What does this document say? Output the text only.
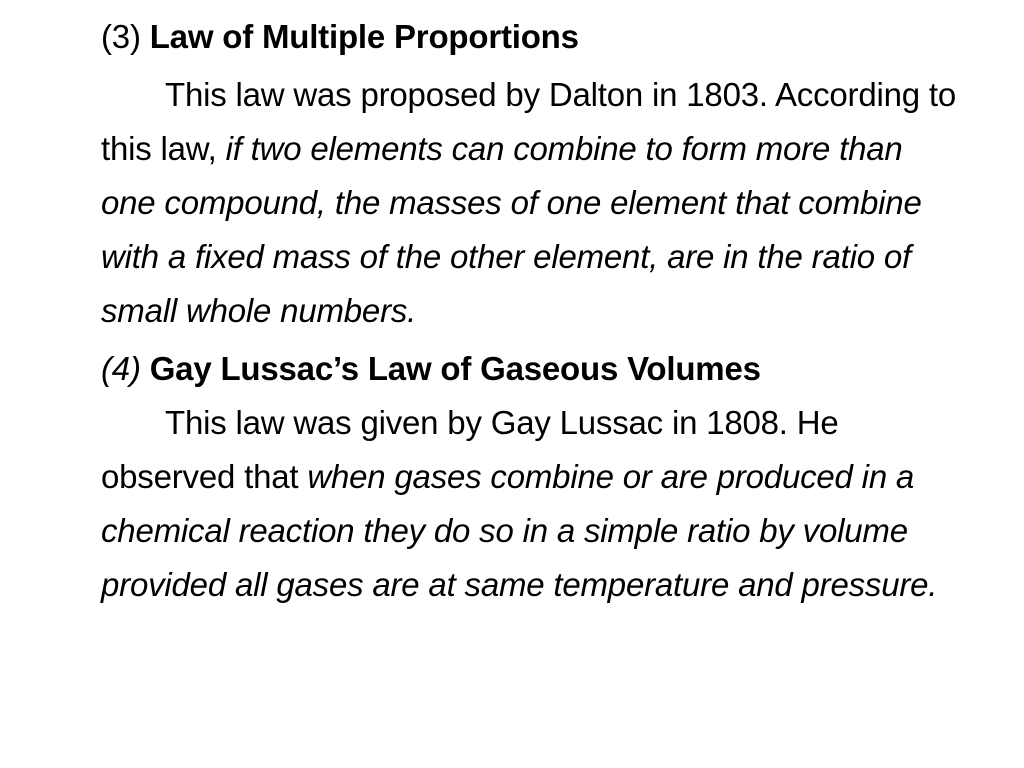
(3) Law of Multiple Proportions

This law was proposed by Dalton in 1803. According to this law, if two elements can combine to form more than one compound, the masses of one element that combine with a fixed mass of the other element, are in the ratio of small whole numbers.

(4) Gay Lussac’s Law of Gaseous Volumes

This law was given by Gay Lussac in 1808. He observed that when gases combine or are produced in a chemical reaction they do so in a simple ratio by volume provided all gases are at same temperature and pressure.
